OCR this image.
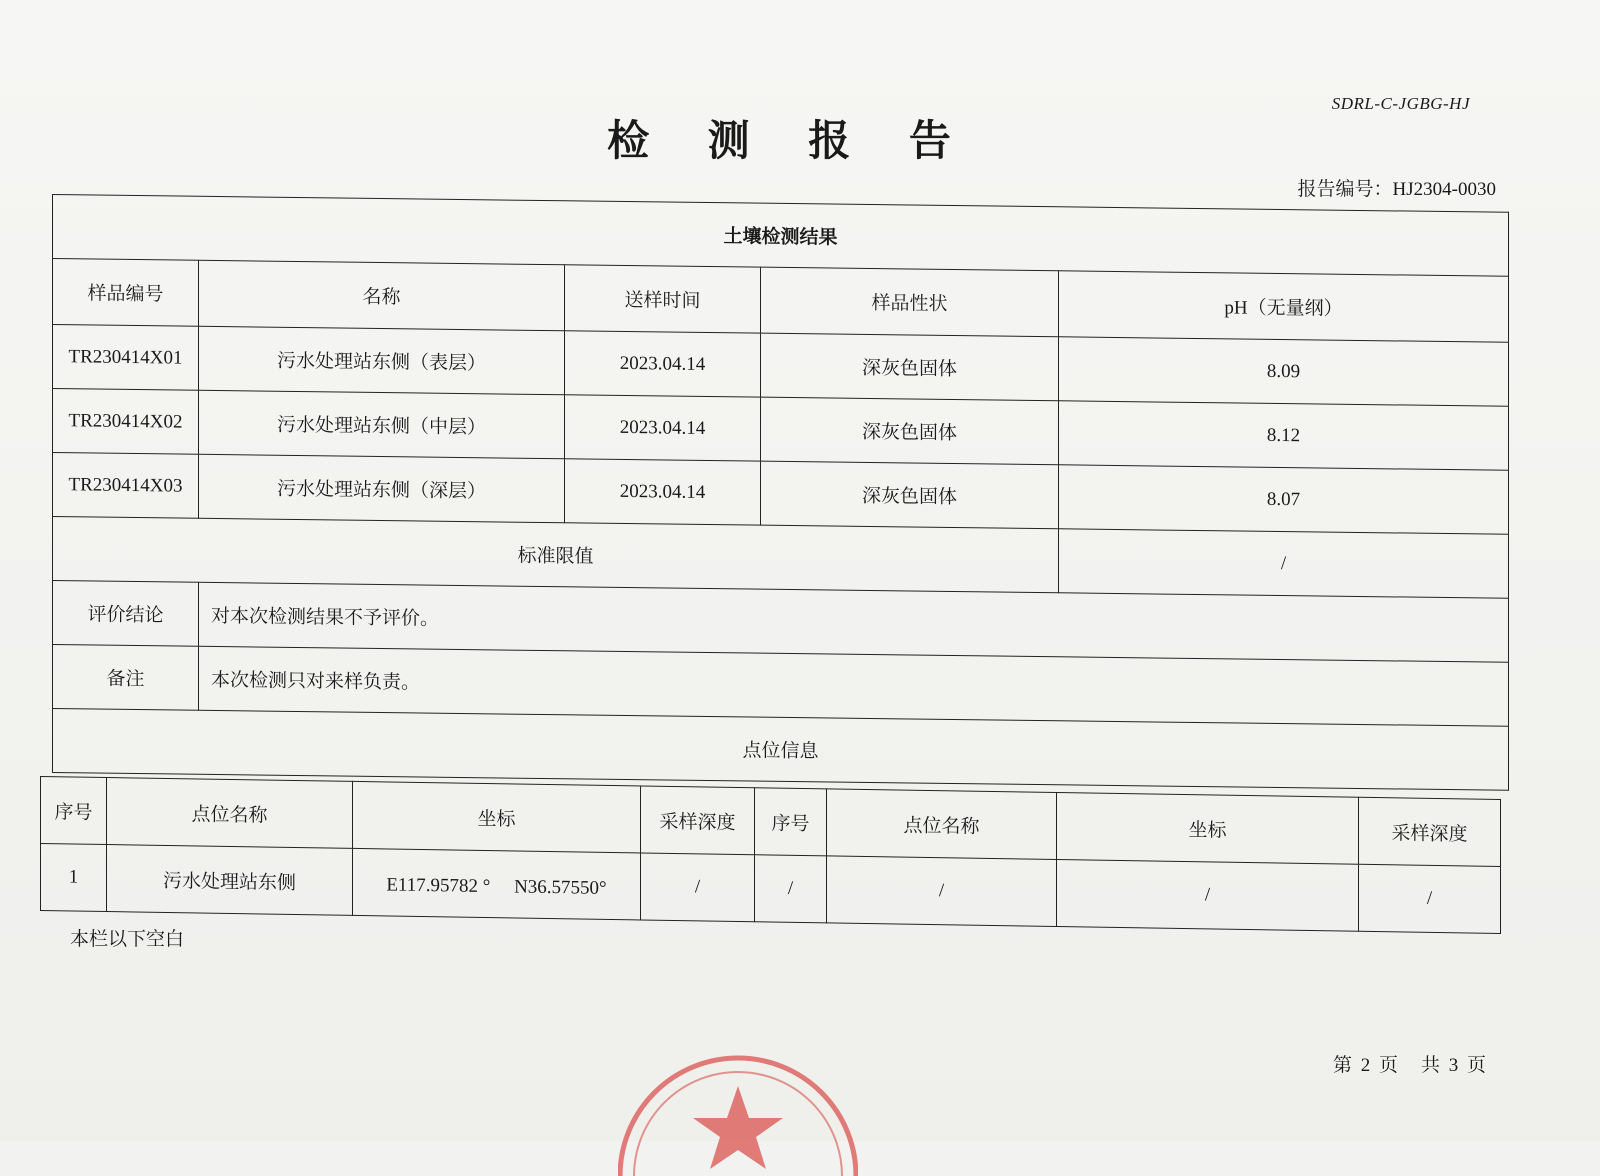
SDRL-C-JGBG-HJ
检 测 报 告
报告编号：HJ2304-0030
土壤检测结果				
样品编号	名称	送样时间	样品性状	pH（无量纲）
TR230414X01	污水处理站东侧（表层）	2023.04.14	深灰色固体	8.09
TR230414X02	污水处理站东侧（中层）	2023.04.14	深灰色固体	8.12
TR230414X03	污水处理站东侧（深层）	2023.04.14	深灰色固体	8.07
标准限值				/
评价结论	对本次检测结果不予评价。			
备注	本次检测只对来样负责。			
点位信息				
序号	点位名称	坐标	采样深度	序号	点位名称	坐标	采样深度
1	污水处理站东侧	E117.95782 °　 N36.57550°	/	/	/	/	/
本栏以下空白
第 2 页　共 3 页
